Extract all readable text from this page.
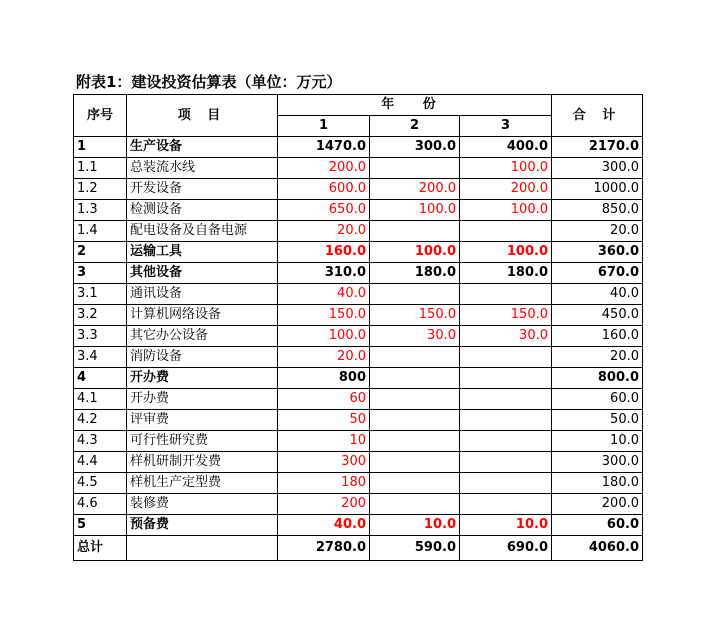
附表1：建设投资估算表（单位：万元）
序号	项 目	年 份			合 计
		1	2	3	
1	生产设备	1470.0	300.0	400.0	2170.0
1.1	总装流水线	200.0		100.0	300.0
1.2	开发设备	600.0	200.0	200.0	1000.0
1.3	检测设备	650.0	100.0	100.0	850.0
1.4	配电设备及自备电源	20.0			20.0
2	运输工具	160.0	100.0	100.0	360.0
3	其他设备	310.0	180.0	180.0	670.0
3.1	通讯设备	40.0			40.0
3.2	计算机网络设备	150.0	150.0	150.0	450.0
3.3	其它办公设备	100.0	30.0	30.0	160.0
3.4	消防设备	20.0			20.0
4	开办费	800			800.0
4.1	开办费	60			60.0
4.2	评审费	50			50.0
4.3	可行性研究费	10			10.0
4.4	样机研制开发费	300			300.0
4.5	样机生产定型费	180			180.0
4.6	装修费	200			200.0
5	预备费	40.0	10.0	10.0	60.0
总计		2780.0	590.0	690.0	4060.0
